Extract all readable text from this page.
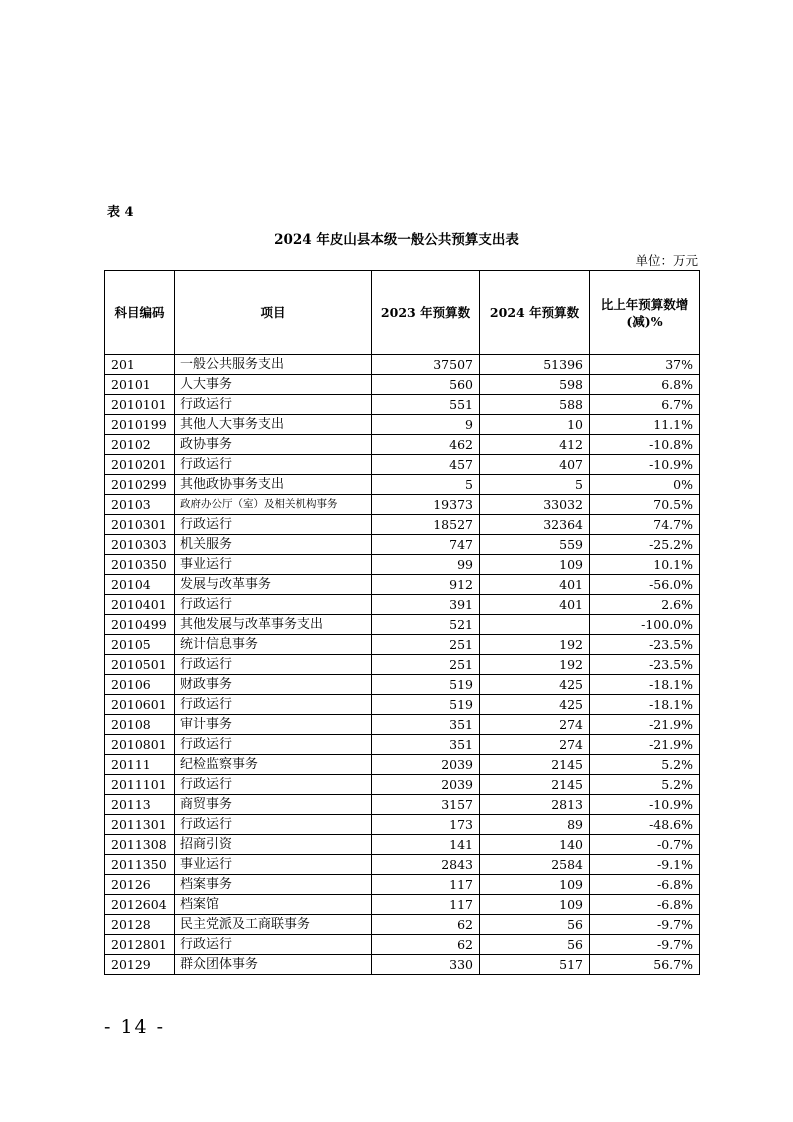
表 4
2024 年皮山县本级一般公共预算支出表
单位：万元
科目编码	项目	2023 年预算数	2024 年预算数	比上年预算数增 (减)%
201	一般公共服务支出	37507	51396	37%
20101	人大事务	560	598	6.8%
2010101	行政运行	551	588	6.7%
2010199	其他人大事务支出	9	10	11.1%
20102	政协事务	462	412	-10.8%
2010201	行政运行	457	407	-10.9%
2010299	其他政协事务支出	5	5	0%
20103	政府办公厅（室）及相关机构事务	19373	33032	70.5%
2010301	行政运行	18527	32364	74.7%
2010303	机关服务	747	559	-25.2%
2010350	事业运行	99	109	10.1%
20104	发展与改革事务	912	401	-56.0%
2010401	行政运行	391	401	2.6%
2010499	其他发展与改革事务支出	521		-100.0%
20105	统计信息事务	251	192	-23.5%
2010501	行政运行	251	192	-23.5%
20106	财政事务	519	425	-18.1%
2010601	行政运行	519	425	-18.1%
20108	审计事务	351	274	-21.9%
2010801	行政运行	351	274	-21.9%
20111	纪检监察事务	2039	2145	5.2%
2011101	行政运行	2039	2145	5.2%
20113	商贸事务	3157	2813	-10.9%
2011301	行政运行	173	89	-48.6%
2011308	招商引资	141	140	-0.7%
2011350	事业运行	2843	2584	-9.1%
20126	档案事务	117	109	-6.8%
2012604	档案馆	117	109	-6.8%
20128	民主党派及工商联事务	62	56	-9.7%
2012801	行政运行	62	56	-9.7%
20129	群众团体事务	330	517	56.7%
- 14 -
